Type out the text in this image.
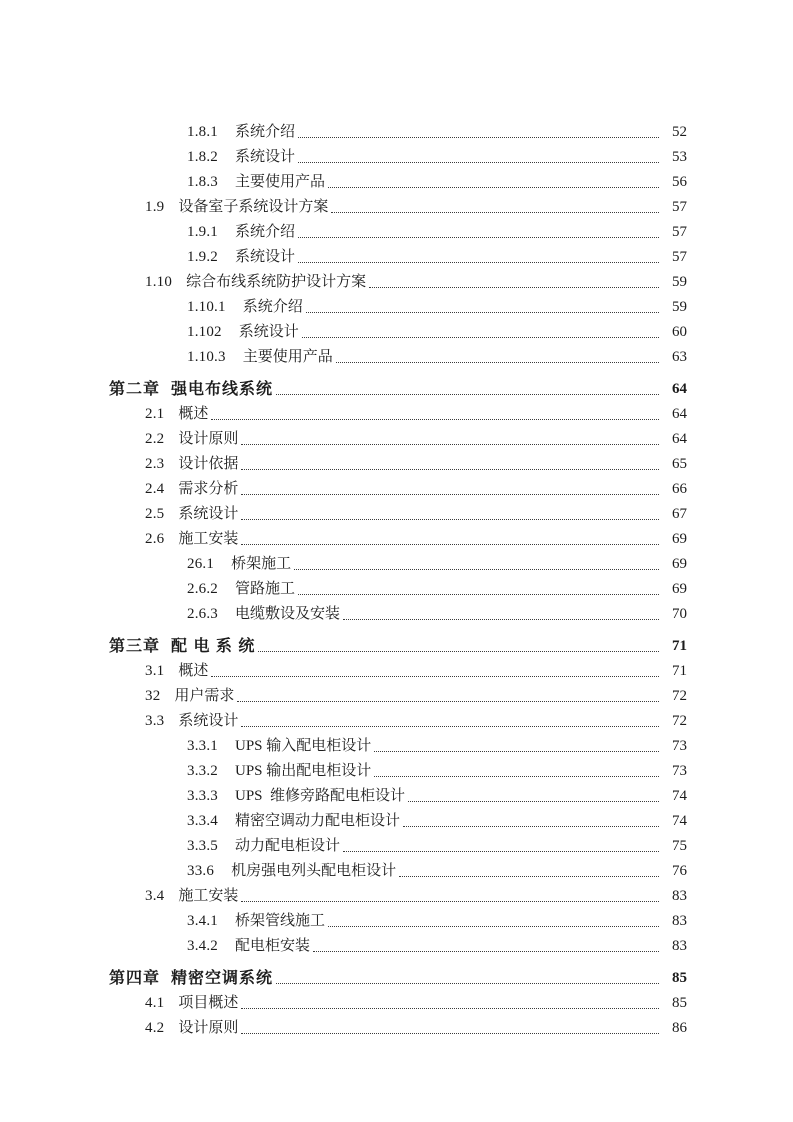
1.8.1 系统介绍	52
1.8.2 系统设计	53
1.8.3 主要使用产品	56
1.9 设备室子系统设计方案	57
1.9.1 系统介绍	57
1.9.2 系统设计	57
1.10 综合布线系统防护设计方案	59
1.10.1 系统介绍	59
1.102 系统设计	60
1.10.3 主要使用产品	63
第二章 强电布线系统	64
2.1 概述	64
2.2 设计原则	64
2.3 设计依据	65
2.4 需求分析	66
2.5 系统设计	67
2.6 施工安装	69
26.1 桥架施工	69
2.6.2 管路施工	69
2.6.3 电缆敷设及安装	70
第三章 配 电 系 统	71
3.1 概述	71
32 用户需求	72
3.3 系统设计	72
3.3.1 UPS 输入配电柜设计	73
3.3.2 UPS 输出配电柜设计	73
3.3.3 UPS  维修旁路配电柜设计	74
3.3.4 精密空调动力配电柜设计	74
3.3.5 动力配电柜设计	75
33.6 机房强电列头配电柜设计	76
3.4 施工安装	83
3.4.1 桥架管线施工	83
3.4.2 配电柜安装	83
第四章 精密空调系统	85
4.1 项目概述	85
4.2 设计原则	86
